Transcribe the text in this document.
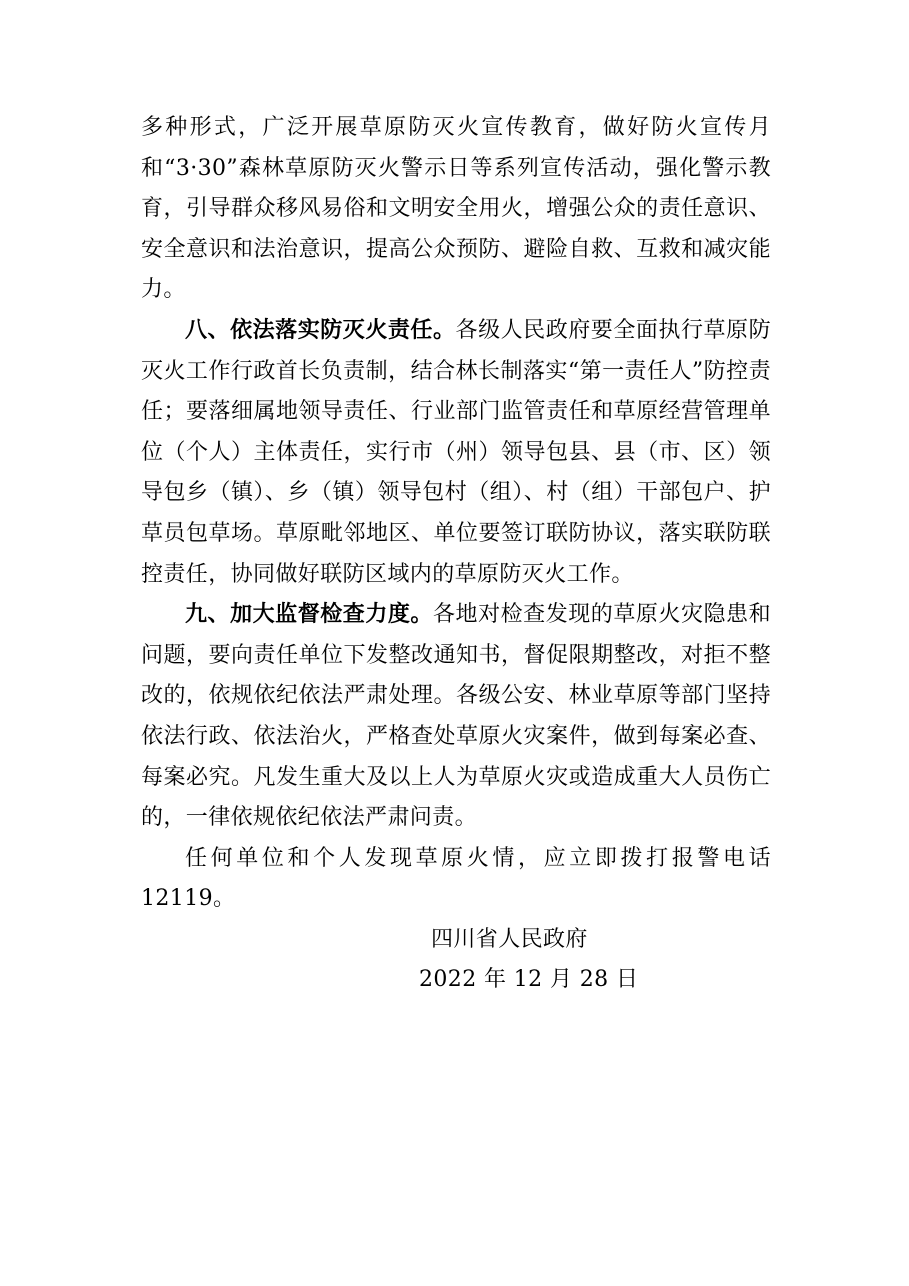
多种形式，广泛开展草原防灭火宣传教育，做好防火宣传月和“3·30”森林草原防灭火警示日等系列宣传活动，强化警示教育，引导群众移风易俗和文明安全用火，增强公众的责任意识、安全意识和法治意识，提高公众预防、避险自救、互救和减灾能力。

八、依法落实防灭火责任。各级人民政府要全面执行草原防灭火工作行政首长负责制，结合林长制落实“第一责任人”防控责任；要落细属地领导责任、行业部门监管责任和草原经营管理单位（个人）主体责任，实行市（州）领导包县、县（市、区）领导包乡（镇）、乡（镇）领导包村（组）、村（组）干部包户、护草员包草场。草原毗邻地区、单位要签订联防协议，落实联防联控责任，协同做好联防区域内的草原防灭火工作。

九、加大监督检查力度。各地对检查发现的草原火灾隐患和问题，要向责任单位下发整改通知书，督促限期整改，对拒不整改的，依规依纪依法严肃处理。各级公安、林业草原等部门坚持依法行政、依法治火，严格查处草原火灾案件，做到每案必查、每案必究。凡发生重大及以上人为草原火灾或造成重大人员伤亡的，一律依规依纪依法严肃问责。

任何单位和个人发现草原火情，应立即拨打报警电话12119。

四川省人民政府

2022 年 12 月 28 日
